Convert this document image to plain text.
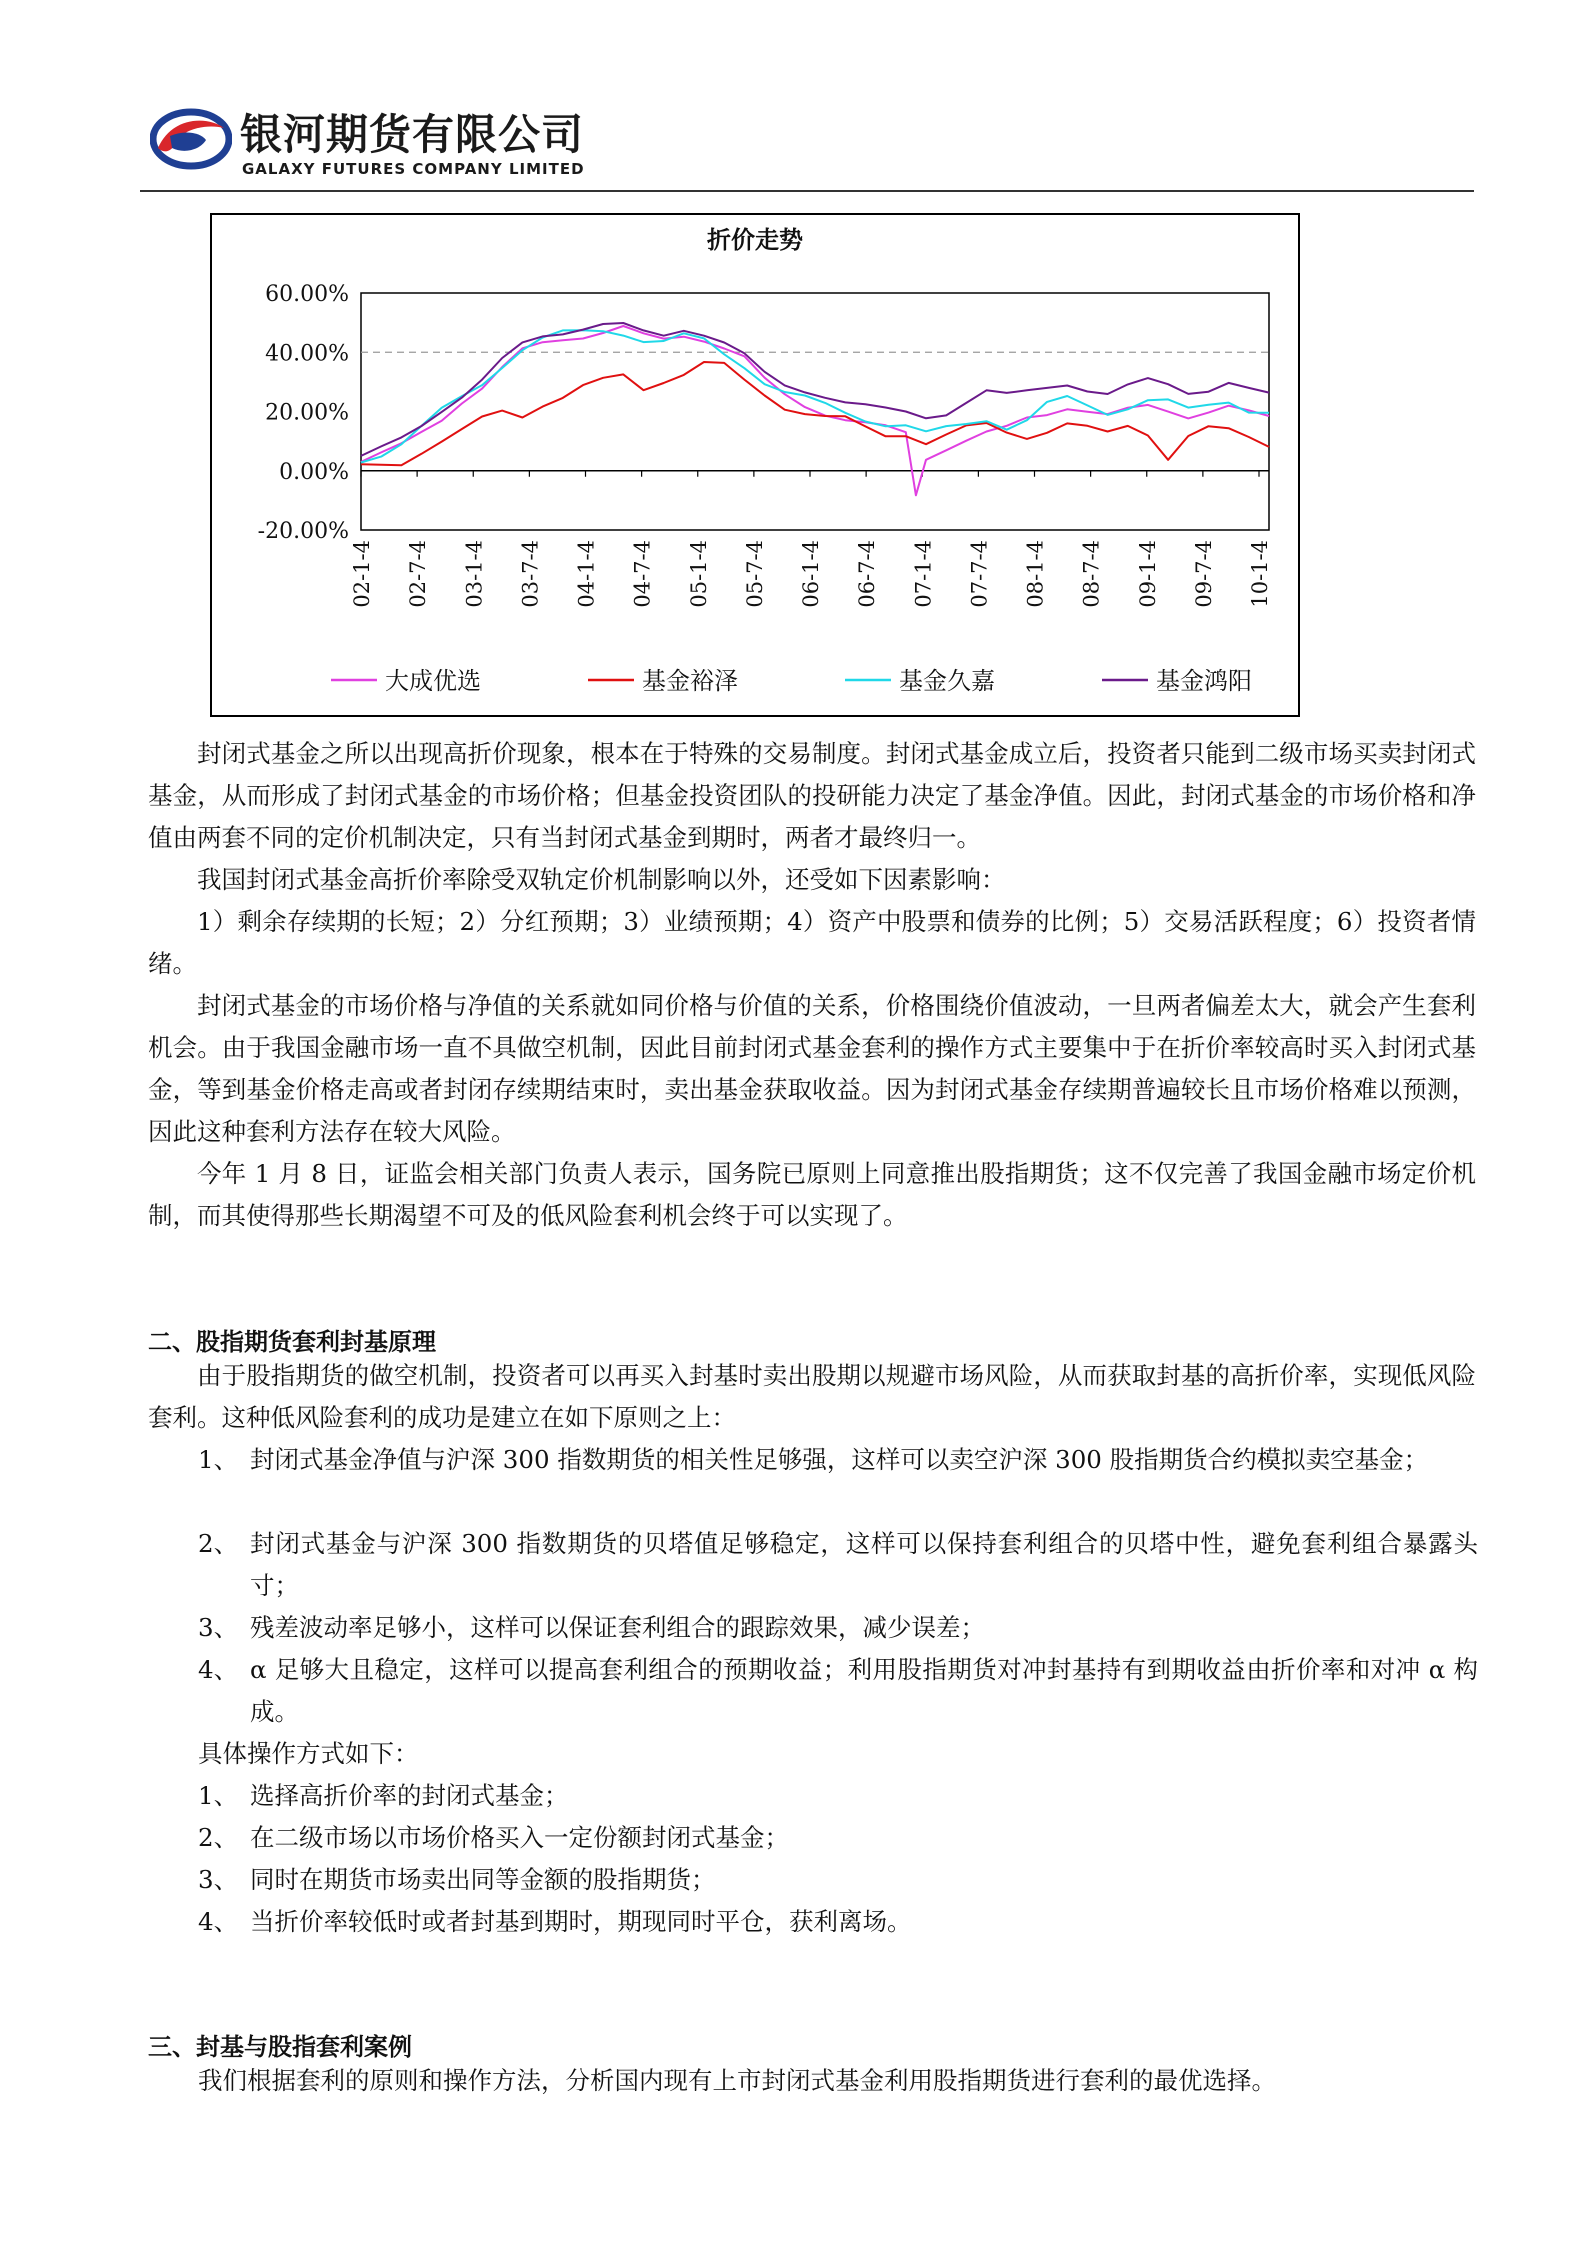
银河期货有限公司
GALAXY FUTURES COMPANY LIMITED
折价走势
60.00%
40.00%
20.00%
0.00%
-20.00%
02-1-4 02-7-4 03-1-4 03-7-4 04-1-4 04-7-4 05-1-4 05-7-4 06-1-4 06-7-4 07-1-4 07-7-4 08-1-4 08-7-4 09-1-4 09-7-4 10-1-4
大成优选	基金裕泽	基金久嘉	基金鸿阳
封闭式基金之所以出现高折价现象，根本在于特殊的交易制度。封闭式基金成立后，投资者只能到二级市场买卖封闭式基金，从而形成了封闭式基金的市场价格；但基金投资团队的投研能力决定了基金净值。因此，封闭式基金的市场价格和净值由两套不同的定价机制决定，只有当封闭式基金到期时，两者才最终归一。
我国封闭式基金高折价率除受双轨定价机制影响以外，还受如下因素影响：
1）剩余存续期的长短；2）分红预期；3）业绩预期；4）资产中股票和债券的比例；5）交易活跃程度；6）投资者情绪。
封闭式基金的市场价格与净值的关系就如同价格与价值的关系，价格围绕价值波动，一旦两者偏差太大，就会产生套利机会。由于我国金融市场一直不具做空机制，因此目前封闭式基金套利的操作方式主要集中于在折价率较高时买入封闭式基金，等到基金价格走高或者封闭存续期结束时，卖出基金获取收益。因为封闭式基金存续期普遍较长且市场价格难以预测，因此这种套利方法存在较大风险。
今年 1 月 8 日，证监会相关部门负责人表示，国务院已原则上同意推出股指期货；这不仅完善了我国金融市场定价机制，而其使得那些长期渴望不可及的低风险套利机会终于可以实现了。
二、股指期货套利封基原理
由于股指期货的做空机制，投资者可以再买入封基时卖出股期以规避市场风险，从而获取封基的高折价率，实现低风险套利。这种低风险套利的成功是建立在如下原则之上：
1、 封闭式基金净值与沪深 300 指数期货的相关性足够强，这样可以卖空沪深 300 股指期货合约模拟卖空基金；
2、 封闭式基金与沪深 300 指数期货的贝塔值足够稳定，这样可以保持套利组合的贝塔中性，避免套利组合暴露头寸；
3、 残差波动率足够小，这样可以保证套利组合的跟踪效果，减少误差；
4、 α 足够大且稳定，这样可以提高套利组合的预期收益；利用股指期货对冲封基持有到期收益由折价率和对冲 α 构成。
具体操作方式如下：
1、 选择高折价率的封闭式基金；
2、 在二级市场以市场价格买入一定份额封闭式基金；
3、 同时在期货市场卖出同等金额的股指期货；
4、 当折价率较低时或者封基到期时，期现同时平仓，获利离场。
三、封基与股指套利案例
我们根据套利的原则和操作方法，分析国内现有上市封闭式基金利用股指期货进行套利的最优选择。
